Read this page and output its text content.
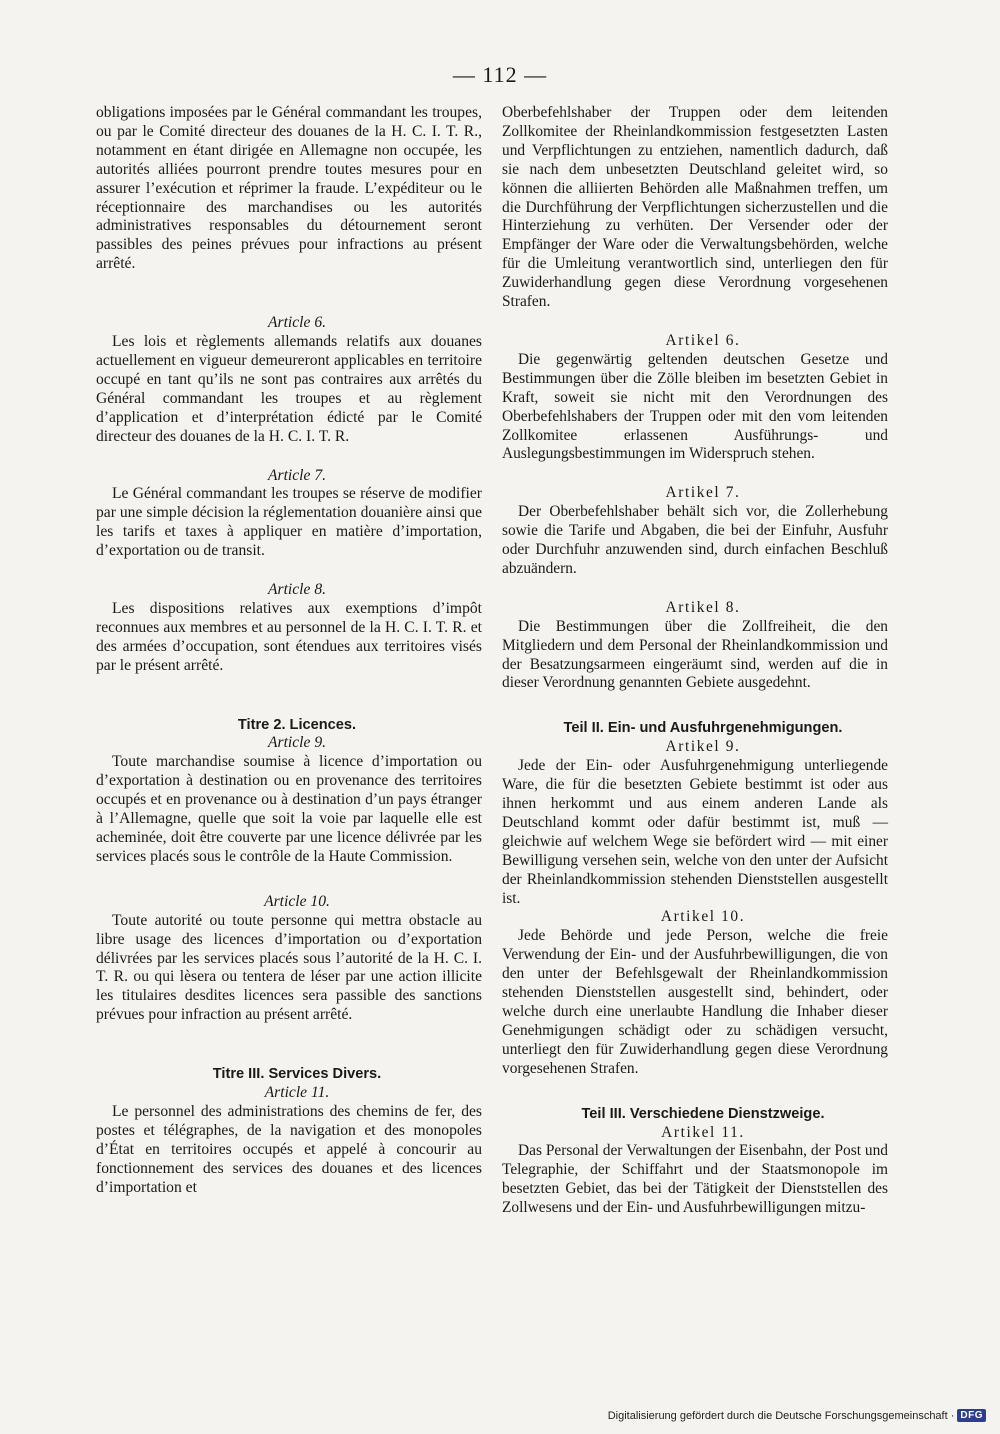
— 112 —

obligations imposées par le Général commandant les troupes, ou par le Comité directeur des douanes de la H. C. I. T. R., notamment en étant dirigée en Allemagne non occupée, les autorités alliées pourront prendre toutes mesures pour en assurer l’exécution et réprimer la fraude. L’expéditeur ou le réceptionnaire des marchandises ou les autorités administratives responsables du détournement seront passibles des peines prévues pour infractions au présent arrêté.

Article 6.

Les lois et règlements allemands relatifs aux douanes actuellement en vigueur demeureront applicables en territoire occupé en tant qu’ils ne sont pas contraires aux arrêtés du Général commandant les troupes et au règlement d’application et d’interprétation édicté par le Comité directeur des douanes de la H. C. I. T. R.

Article 7.

Le Général commandant les troupes se réserve de modifier par une simple décision la réglementation douanière ainsi que les tarifs et taxes à appliquer en matière d’importation, d’exportation ou de transit.

Article 8.

Les dispositions relatives aux exemptions d’impôt reconnues aux membres et au personnel de la H. C. I. T. R. et des armées d’occupation, sont étendues aux territoires visés par le présent arrêté.

Titre 2. Licences.

Article 9.

Toute marchandise soumise à licence d’importation ou d’exportation à destination ou en provenance des territoires occupés et en provenance ou à destination d’un pays étranger à l’Allemagne, quelle que soit la voie par laquelle elle est acheminée, doit être couverte par une licence délivrée par les services placés sous le contrôle de la Haute Commission.

Article 10.

Toute autorité ou toute personne qui mettra obstacle au libre usage des licences d’importation ou d’exportation délivrées par les services placés sous l’autorité de la H. C. I. T. R. ou qui lèsera ou tentera de léser par une action illicite les titulaires desdites licences sera passible des sanctions prévues pour infraction au présent arrêté.

Titre III. Services Divers.

Article 11.

Le personnel des administrations des chemins de fer, des postes et télégraphes, de la navigation et des monopoles d’État en territoires occupés et appelé à concourir au fonctionnement des services des douanes et des licences d’importation et

Oberbefehlshaber der Truppen oder dem leitenden Zollkomitee der Rheinlandkommission festgesetzten Lasten und Verpflichtungen zu entziehen, namentlich dadurch, daß sie nach dem unbesetzten Deutschland geleitet wird, so können die alliierten Behörden alle Maßnahmen treffen, um die Durchführung der Verpflichtungen sicherzustellen und die Hinterziehung zu verhüten. Der Versender oder der Empfänger der Ware oder die Verwaltungsbehörden, welche für die Umleitung verantwortlich sind, unterliegen den für Zuwiderhandlung gegen diese Verordnung vorgesehenen Strafen.

Artikel 6.

Die gegenwärtig geltenden deutschen Gesetze und Bestimmungen über die Zölle bleiben im besetzten Gebiet in Kraft, soweit sie nicht mit den Verordnungen des Oberbefehlshabers der Truppen oder mit den vom leitenden Zollkomitee erlassenen Ausführungs- und Auslegungsbestimmungen im Widerspruch stehen.

Artikel 7.

Der Oberbefehlshaber behält sich vor, die Zollerhebung sowie die Tarife und Abgaben, die bei der Einfuhr, Ausfuhr oder Durchfuhr anzuwenden sind, durch einfachen Beschluß abzuändern.

Artikel 8.

Die Bestimmungen über die Zollfreiheit, die den Mitgliedern und dem Personal der Rheinlandkommission und der Besatzungsarmeen eingeräumt sind, werden auf die in dieser Verordnung genannten Gebiete ausgedehnt.

Teil II. Ein- und Ausfuhrgenehmigungen.

Artikel 9.

Jede der Ein- oder Ausfuhrgenehmigung unterliegende Ware, die für die besetzten Gebiete bestimmt ist oder aus ihnen herkommt und aus einem anderen Lande als Deutschland kommt oder dafür bestimmt ist, muß — gleichwie auf welchem Wege sie befördert wird — mit einer Bewilligung versehen sein, welche von den unter der Aufsicht der Rheinlandkommission stehenden Dienststellen ausgestellt ist.

Artikel 10.

Jede Behörde und jede Person, welche die freie Verwendung der Ein- und der Ausfuhrbewilligungen, die von den unter der Befehlsgewalt der Rheinlandkommission stehenden Dienststellen ausgestellt sind, behindert, oder welche durch eine unerlaubte Handlung die Inhaber dieser Genehmigungen schädigt oder zu schädigen versucht, unterliegt den für Zuwiderhandlung gegen diese Verordnung vorgesehenen Strafen.

Teil III. Verschiedene Dienstzweige.

Artikel 11.

Das Personal der Verwaltungen der Eisenbahn, der Post und Telegraphie, der Schiffahrt und der Staatsmonopole im besetzten Gebiet, das bei der Tätigkeit der Dienststellen des Zollwesens und der Ein- und Ausfuhrbewilligungen mitzu-

Digitalisierung gefördert durch die Deutsche Forschungsgemeinschaft · DFG
